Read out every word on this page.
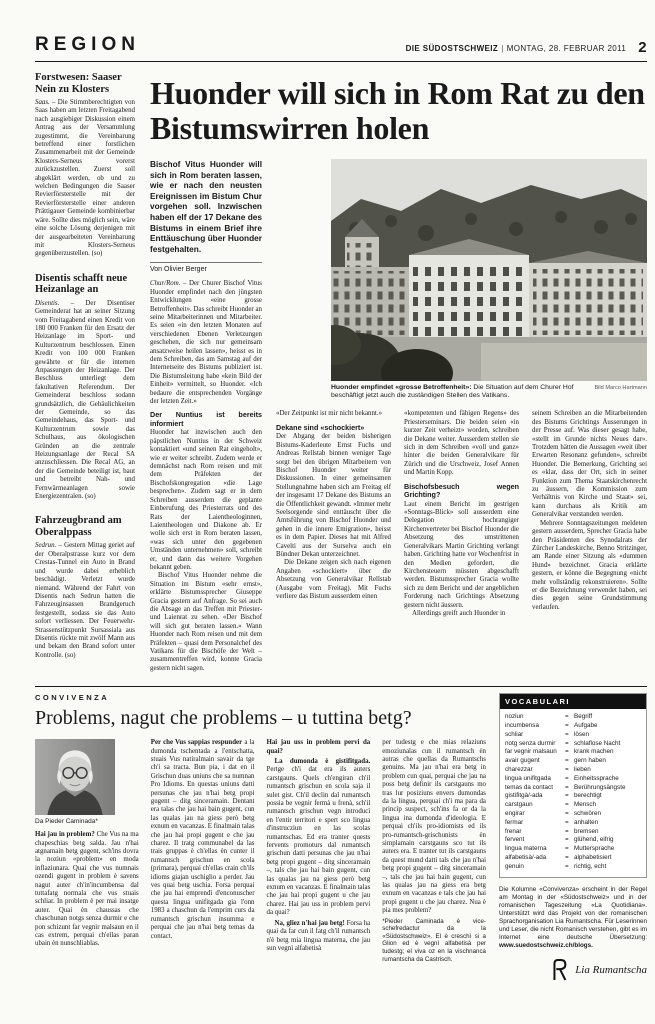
REGION	DIE SÜDOSTSCHWEIZ | MONTAG, 28. FEBRUAR 2011 2
Forstwesen: Saaser Nein zu Klosters

Saas. – Die Stimmberechtigten von Saas haben am letzten Freitagabend nach ausgiebiger Diskussion einem Antrag aus der Versammlung zugestimmt, die Vereinbarung betreffend einer forstlichen Zusammenarbeit mit der Gemeinde Klosters-Serneus vorerst zurückzustellen. Zuerst soll abgeklärt werden, ob und zu welchen Bedingungen die Saaser Revierförsterstelle mit der Revierförsterstelle einer anderen Prättigauer Gemeinde kombinierbar wäre. Sollte dies möglich sein, wäre eine solche Lösung derjenigen mit der ausgearbeiteten Vereinbarung mit Klosters-Serneus gegenüberzustellen. (so)

Disentis schafft neue Heizanlage an

Disentis. – Der Disentiser Gemeinderat hat an seiner Sitzung vom Freitagabend einen Kredit von 180 000 Franken für den Ersatz der Heizanlage im Sport- und Kulturzentrum beschlossen. Einen Kredit von 100 000 Franken gewährte er für die internen Anpassungen der Heizanlage. Der Beschluss unterliegt dem fakultativen Referendum. Der Gemeinderat beschloss sodann grundsätzlich, die Gebäulichkeiten der Gemeinde, so das Gemeindehaus, das Sport- und Kulturzentrum sowie das Schulhaus, aus ökologischen Gründen an die zentrale Heizungsanlage der Recal SA anzuschliessen. Die Recal AG, an der die Gemeinde beteiligt ist, baut und betreibt Nah- und Fernwärmeanlagen sowie Energiezentralen. (so)

Fahrzeugbrand am Oberalppass

Sedrun. – Gestern Mittag geriet auf der Oberalpstrasse kurz vor dem Crestas-Tunnel ein Auto in Brand und wurde dabei erheblich beschädigt. Verletzt wurde niemand. Während der Fahrt von Disentis nach Sedrun hatten die Fahrzeuginsassen Brandgeruch festgestellt, sodass sie das Auto sofort verliessen. Der Feuerwehr-Strassenstützpunkt Sursassiala aus Disentis rückte mit zwölf Mann aus und bekam den Brand sofort unter Kontrolle. (so)

Huonder will sich in Rom Rat zu den Bistumswirren holen

Bischof Vitus Huonder will sich in Rom beraten lassen, wie er nach den neusten Ereignissen im Bistum Chur vorgehen soll. Inzwischen haben elf der 17 Dekane des Bistums in einem Brief ihre Enttäuschung über Huonder festgehalten.

Von Olivier Berger

Chur/Rom. – Der Churer Bischof Vitus Huonder empfindet nach den jüngsten Entwicklungen «eine grosse Betroffenheit». Das schreibt Huonder an seine Mitarbeiterinnen und Mitarbeiter. Es seien «in den letzten Monaten auf verschiedenen Ebenen Verletzungen geschehen, die sich nur gemeinsam ansatzweise heilen lassen», heisst es in dem Schreiben, das am Samstag auf der Internetseite des Bistums publiziert ist. Die Bistumsleitung habe «kein Bild der Einheit» vermittelt, so Huonder. «Ich bedaure die entsprechenden Vorgänge der letzten Zeit.»

Der Nuntius ist bereits informiert

Huonder hat inzwischen auch den päpstlichen Nuntius in der Schweiz kontaktiert «und seinen Rat eingeholt», wie er weiter schreibt. Zudem werde er demnächst nach Rom reisen und mit dem Präfekten der Bischofskongregation «die Lage besprechen». Zudem sagt er in dem Schreiben ausserdem die geplante Einberufung des Priesterrats und des Rats der Laientheologinnen, Laientheologen und Diakone ab. Er wolle sich erst in Rom beraten lassen, «was sich unter den gegebenen Umständen unternehmen» soll, schreibt er, und dann das weitere Vorgehen bekannt geben.

Bischof Vitus Huonder nehme die Situation im Bistum «sehr ernst», erklärte Bistumssprecher Giuseppe Gracia gestern auf Anfrage. So sei auch die Absage an das Treffen mit Priester- und Laienrat zu sehen. «Der Bischof will sich gut beraten lassen.» Wann Huonder nach Rom reisen und mit dem Präfekten – quasi dem Personalchef des Vatikans für die Bischöfe der Welt – zusammentreffen wird, konnte Gracia gestern nicht sagen.

Bild Marco Hartmann
Huonder empfindet «grosse Betroffenheit»: Die Situation auf dem Churer Hof beschäftigt jetzt auch die zuständigen Stellen des Vatikans.

«Der Zeitpunkt ist mir nicht bekannt.»

Dekane sind «schockiert»

Der Abgang der beiden bisherigen Bistums-Kaderleute Ernst Fuchs und Andreas Rellstab binnen weniger Tage sorgt bei den übrigen Mitarbeitern von Bischof Huonder weiter für Diskussionen. In einer gemeinsamen Stellungnahme haben sich am Freitag elf der insgesamt 17 Dekane des Bistums an die Öffentlichkeit gewandt. «Immer mehr Seelsorgende sind enttäuscht über die Amtsführung von Bischof Huonder und gehen in die innere Emigration», heisst es in dem Papier. Dieses hat mit Alfred Cavelti aus der Surselva auch ein Bündner Dekan unterzeichnet.

Die Dekane zeigen sich nach eigenen Angaben «schockiert» über die Absetzung von Generalvikar Rellstab (Ausgabe vom Freitag). Mit Fuchs verliere das Bistum ausserdem einen

«kompetenten und fähigen Regens» des Priesterseminars. Die beiden seien «in kurzer Zeit verheizt» worden, schreiben die Dekane weiter. Ausserdem stellen sie sich in dem Schreiben «voll und ganz» hinter die beiden Generalvikare für Zürich und die Urschweiz, Josef Annen und Martin Kopp.

Bischofsbesuch wegen Grichting?

Laut einem Bericht im gestrigen «Sonntags-Blick» soll ausserdem eine Delegation hochrangiger Kirchenvertreter bei Bischof Huonder die Absetzung des umstrittenen Generalvikars Martin Grichting verlangt haben. Grichting hatte vor Wochenfrist in den Medien gefordert, die Kirchensteuern müssten abgeschafft werden. Bistumssprecher Gracia wollte sich zu dem Bericht und der angeblichen Forderung nach Grichtings Absetzung gestern nicht äussern.

Allerdings greift auch Huonder in

seinem Schreiben an die Mitarbeitenden des Bistums Grichtings Äusserungen in der Presse auf. Was dieser gesagt habe, «stellt im Grunde nichts Neues dar». Trotzdem hätten die Aussagen «weit über Erwarten Resonanz gefunden», schreibt Huonder. Die Bemerkung, Grichting sei es «klar, dass der Ort, sich in seiner Funktion zum Thema Staatskirchenrecht zu äussern, die Kommission zum Verhältnis von Kirche und Staat» sei, kann durchaus als Kritik am Generalvikar verstanden werden.

Mehrere Sonntagszeitungen meldeten gestern ausserdem, Sprecher Gracia habe den Präsidenten des Synodalrats der Zürcher Landeskirche, Benno Stritzinger, am Rande einer Sitzung als «dummen Hund» bezeichnet. Gracia erklärte gestern, er könne die Begegnung «nicht mehr vollständig rekonstruieren». Sollte er die Bezeichnung verwendet haben, sei dies gegen seine Grundstimmung verlaufen.

CONVIVENZA
Problems, nagut che problems – u tuttina betg?
Da Pieder Caminada*

Hai jau in problem? Che Vus na ma chapeschias betg salda. Jau n'hai atgnamain betg gugent, sch'ins dovra la noziun «problem» en moda inflaziunara. Quai che vus numnais ozendi gugent in problem è savens nagut auter ch'in'incumbensa dal tuttafatg normala che vus stuais schliar. In problem è per mai insatge auter. Quai èn chaussas che chaschunan notgs senza durmir e che pon schizunt far vegnir malsaun en il cas extrem, perquai ch'ellas paran ubain èn nunschliablas.

Per che Vus sappias respunder a la dumonda tschentada a l'entschatta, stuais Vus natiralmain savair da tge ch'i sa tracta. Bun pia, i dat en il Grischun duas uniuns che sa numnan Pro Idioms. En questas uniuns datti persunas che jau n'hai betg propi gugent – ditg sinceramain. Dentant era talas che jau hai bain gugent, cun las qualas jau na giess però betg exnum en vacanzas. E finalmain talas che jau hai propi gugent e che jau charez. Il tratg communabel da las trais gruppas è ch'ellas èn cunter il rumantsch grischun en scola (primara), perquai ch'ellas crain ch'ils idioms giajan uschiglio a perder. Jau ves quai betg uschia. Forsa perquai che jau hai emprendì d'enconuscher questa lingua unifitgada gia l'onn 1983 a chaschun da l'emprim curs da rumantsch grischun insumma e perquai che jau n'hai betg temas da contact.

Hai jau uss in problem pervi da quai?

La dumonda è gistifitgada. Pertge ch'i dat era ils auters carstgauns. Quels ch'engiran ch'il rumantsch grischun en scola saja il sulet gist. Ch'il declin dal rumantsch possia be vegnir fermà u frenà, sch'il rumantsch grischun vegn introducì en l'entir territori e spert sco lingua d'instrucziun en las scolas rumantschas. Ed era tranter quests fervents promoturs dal rumantsch grischun datti persunas che jau n'hai betg propi gugent – ditg sinceramain –, tals che jau hai bain gugent, cun las qualas jau na giess però betg exnum en vacanzas. E finalmain talas che jau hai propi gugent u che jau charez. Hai jau uss in problem pervi da quai?

Na, gliez n'hai jau betg! Forsa ha quai da far cun il fatg ch'il rumantsch n'è betg mia lingua materna, che jau sun vegnì alfabetisà

per tudestg e che mias relaziuns emoziunalas cun il rumantsch èn autras che quellas da Rumantschs genuins. Ma jau n'hai era betg in problem cun quai, perquai che jau na poss betg definir ils carstgauns mo tras lur posiziuns envers dumondas da la lingua, perquai ch'i ma para da princip suspect, sch'ins fa or da la lingua ina dumonda d'ideologia. E perquai ch'ils pro-idiomists ed ils pro-rumantsch-grischunists èn simplamain carstgauns sco tut ils auters era. E tranter tut ils carstgauns da quest mund datti tals che jau n'hai betg propi gugent – ditg sinceramain –, tals che jau hai bain gugent, cun las qualas jau na giess era betg exnum en vacanzas e tals che jau hai propi gugent u che jau charez. Nua è pia mes problem?

*Pieder Caminada è vice-schefredactur da la «Südostschweiz». El è creschì si a Glion ed è vegnì alfabetisà per tudestg; el viva oz en la vischnanca rumantscha da Castrisch.

VOCABULARI
noziun	= Begriff
incumbensa	= Aufgabe
schliar	= lösen
notg senza durmir	= schlaflose Nacht
far vegnir malsaun	= krank machen
avair gugent	= gern haben
charezzar	= lieben
lingua unifitgada	= Einheitssprache
temas da contact	= Berührungsängste
gistifitgà/-ada	= berechtigt
carstgaun	= Mensch
engirar	= schwören
fermar	= anhalten
frenar	= bremsen
fervent	= glühend, eifrig
lingua materna	= Muttersprache
alfabetisà/-ada	= alphabetisiert
genuin	= richtig, echt

Die Kolumne «Convivenza» erscheint in der Regel am Montag in der «Südostschweiz» und in der romanischen Tageszeitung «La Quotidiana». Unterstützt wird das Projekt von der romanischen Sprachorganisation Lia Rumantscha. Für Leserinnen und Leser, die nicht Romanisch verstehen, gibt es im Internet eine deutsche Übersetzung: www.suedostschweiz.ch/blogs.

Lia Rumantscha
